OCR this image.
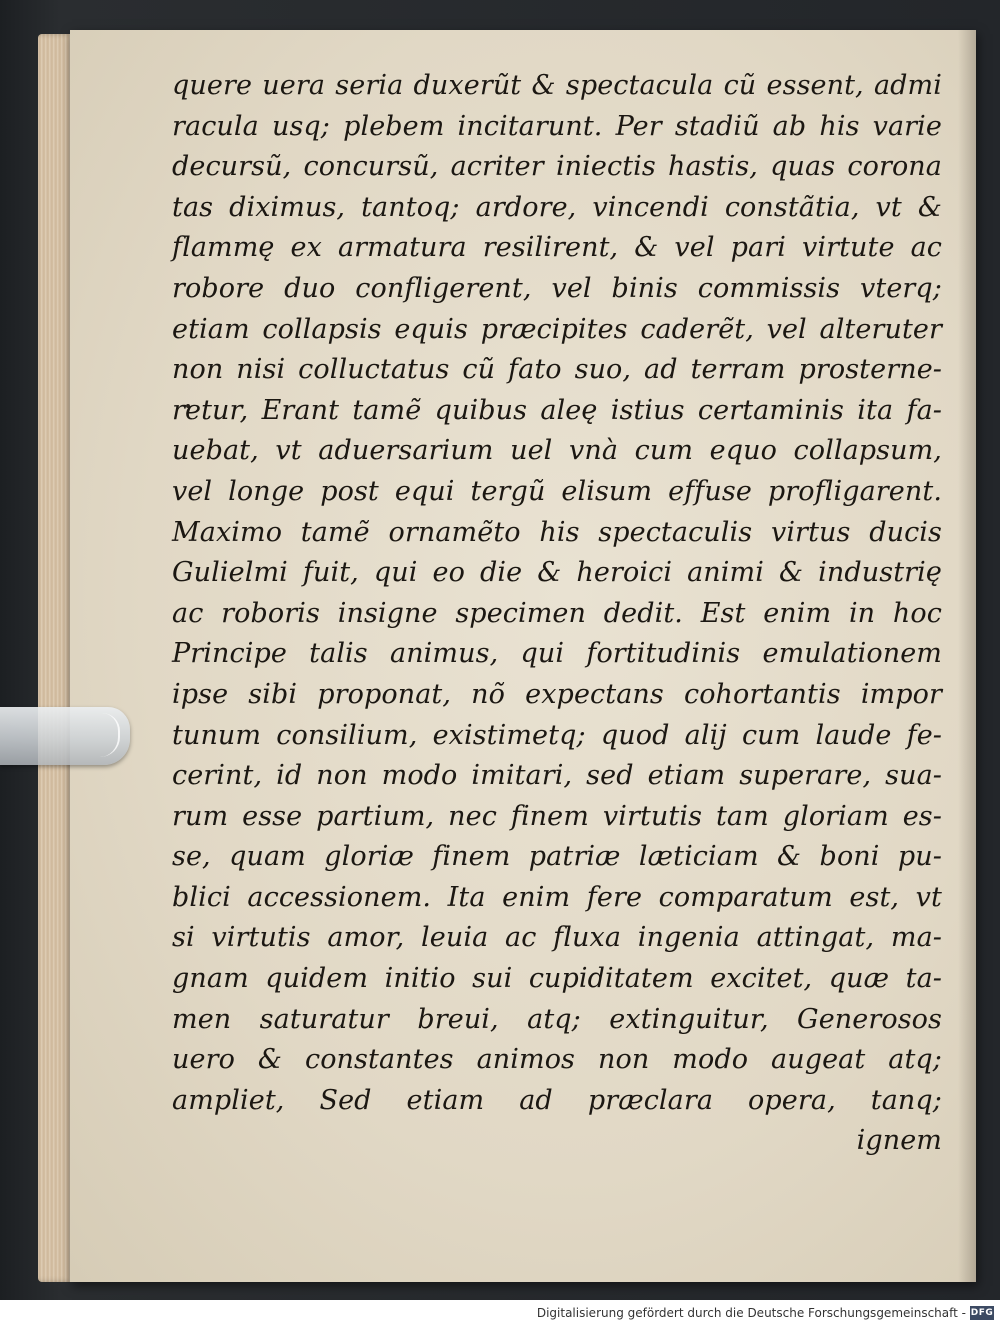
quere uera seria duxerũt & spectacula cũ essent, admi
racula usq; plebem incitarunt. Per stadiũ ab his varie
decursũ, concursũ, acriter iniectis hastis, quas corona
tas diximus, tantoq; ardore, vincendi constãtia, vt &
flammę ex armatura resilirent, & vel pari virtute ac
robore duo confligerent, vel binis commissis vterq;
etiam collapsis equis præcipites caderẽt, vel alteruter
non nisi colluctatus cũ fato suo, ad terram prosterne-
retur, Erant tamẽ quibus aleę istius certaminis ita fa-
uebat, vt aduersarium uel vnà cum equo collapsum,
vel longe post equi tergũ elisum effuse profligarent.
Maximo tamẽ ornamẽto his spectaculis virtus ducis
Gulielmi fuit, qui eo die & heroici animi & industrię
ac roboris insigne specimen dedit. Est enim in hoc
Principe talis animus, qui fortitudinis emulationem
ipse sibi proponat, nõ expectans cohortantis impor
tunum consilium, existimetq; quod alij cum laude fe-
cerint, id non modo imitari, sed etiam superare, sua-
rum esse partium, nec finem virtutis tam gloriam es-
se, quam gloriæ finem patriæ læticiam & boni pu-
blici accessionem. Ita enim fere comparatum est, vt
si virtutis amor, leuia ac fluxa ingenia attingat, ma-
gnam quidem initio sui cupiditatem excitet, quæ ta-
men saturatur breui, atq; extinguitur, Generosos
uero & constantes animos non modo augeat atq;
ampliet, Sed etiam ad præclara opera, tanq;
ignem
Digitalisierung gefördert durch die Deutsche Forschungsgemeinschaft - DFG
